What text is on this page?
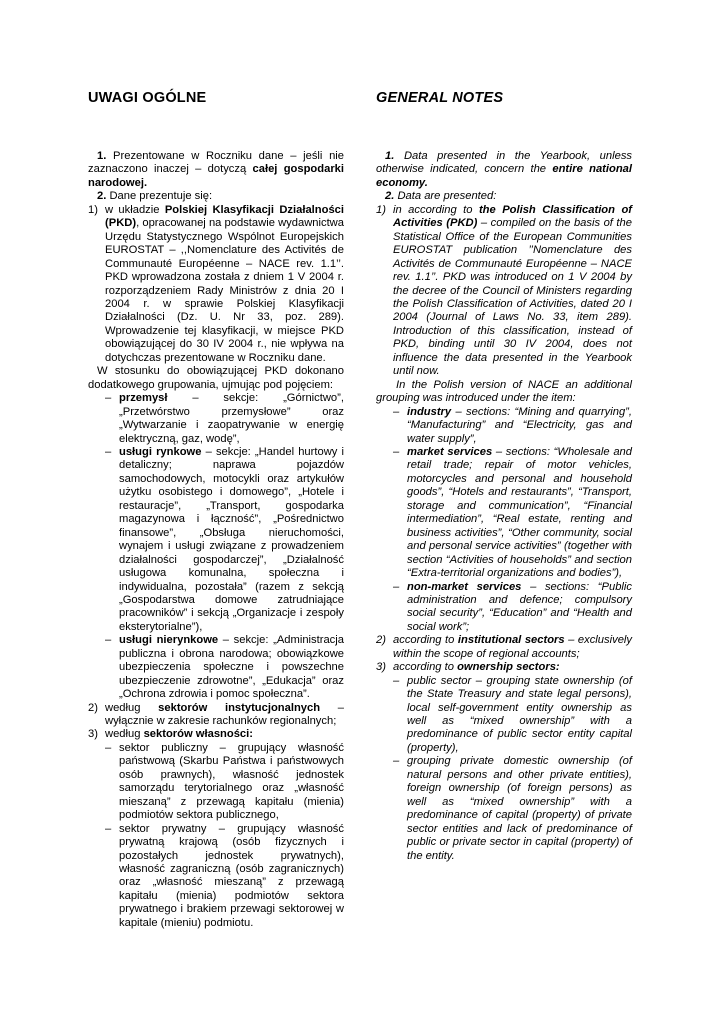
UWAGI OGÓLNE	GENERAL NOTES

1. Prezentowane w Roczniku dane – jeśli nie zaznaczono inaczej – dotyczą całej gospodarki narodowej.

2. Dane prezentuje się:

1) w układzie Polskiej Klasyfikacji Działalności (PKD), opracowanej na podstawie wydawnictwa Urzędu Statystycznego Wspólnot Europejskich EUROSTAT – ,,Nomenclature des Activités de Communauté Européenne – NACE rev. 1.1’’. PKD wprowadzona została z dniem 1 V 2004 r. rozporządzeniem Rady Ministrów z dnia 20 I 2004 r. w sprawie Polskiej Klasyfikacji Działalności (Dz. U. Nr 33, poz. 289). Wprowadzenie tej klasyfikacji, w miejsce PKD obowiązującej do 30 IV 2004 r., nie wpływa na dotychczas prezentowane w Roczniku dane.

W stosunku do obowiązującej PKD dokonano dodatkowego grupowania, ujmując pod pojęciem:

– przemysł – sekcje: „Górnictwo”, „Przetwórstwo przemysłowe” oraz „Wytwarzanie i zaopatrywanie w energię elektryczną, gaz, wodę”,
– usługi rynkowe – sekcje: „Handel hurtowy i detaliczny; naprawa pojazdów samochodowych, motocykli oraz artykułów użytku osobistego i domowego”, „Hotele i restauracje”, „Transport, gospodarka magazynowa i łączność”, „Pośrednictwo finansowe”, „Obsługa nieruchomości, wynajem i usługi związane z prowadzeniem działalności gospodarczej”, „Działalność usługowa komunalna, społeczna i indywidualna, pozostała” (razem z sekcją „Gospodarstwa domowe zatrudniające pracowników” i sekcją „Organizacje i zespoły eksterytorialne”),
– usługi nierynkowe – sekcje: „Administracja publiczna i obrona narodowa; obowiązkowe ubezpieczenia społeczne i powszechne ubezpieczenie zdrowotne”, „Edukacja” oraz „Ochrona zdrowia i pomoc społeczna”.
2) według sektorów instytucjonalnych – wyłącznie w zakresie rachunków regionalnych;
3) według sektorów własności:
– sektor publiczny – grupujący własność państwową (Skarbu Państwa i państwowych osób prawnych), własność jednostek samorządu terytorialnego oraz „własność mieszaną” z przewagą kapitału (mienia) podmiotów sektora publicznego,
– sektor prywatny – grupujący własność prywatną krajową (osób fizycznych i pozostałych jednostek prywatnych), własność zagraniczną (osób zagranicznych) oraz „własność mieszaną” z przewagą kapitału (mienia) podmiotów sektora prywatnego i brakiem przewagi sektorowej w kapitale (mieniu) podmiotu.

1. Data presented in the Yearbook, unless otherwise indicated, concern the entire national economy.

2. Data are presented:

1) in according to the Polish Classification of Activities (PKD) – compiled on the basis of the Statistical Office of the European Communities EUROSTAT publication ’’Nomenclature des Activités de Communauté Européenne – NACE rev. 1.1’’. PKD was introduced on 1 V 2004 by the decree of the Council of Ministers regarding the Polish Classification of Activities, dated 20 I 2004 (Journal of Laws No. 33, item 289). Introduction of this classification, instead of PKD, binding until 30 IV 2004, does not influence the data presented in the Yearbook until now.

In the Polish version of NACE an additional grouping was introduced under the item:

– industry – sections: “Mining and quarrying”, “Manufacturing” and “Electricity, gas and water supply”,
– market services – sections: “Wholesale and retail trade; repair of motor vehicles, motorcycles and personal and household goods”, “Hotels and restaurants”, “Transport, storage and communication”, “Financial intermediation”, “Real estate, renting and business activities”, “Other community, social and personal service activities” (together with section “Activities of households” and section “Extra-territorial organizations and bodies”),
– non-market services – sections: “Public administration and defence; compulsory social security”, “Education” and “Health and social work”;
2) according to institutional sectors – exclusively within the scope of regional accounts;
3) according to ownership sectors:
– public sector – grouping state ownership (of the State Treasury and state legal persons), local self-government entity ownership as well as “mixed ownership” with a predominance of public sector entity capital (property),
– grouping private domestic ownership (of natural persons and other private entities), foreign ownership (of foreign persons) as well as “mixed ownership” with a predominance of capital (property) of private sector entities and lack of predominance of public or private sector in capital (property) of the entity.
